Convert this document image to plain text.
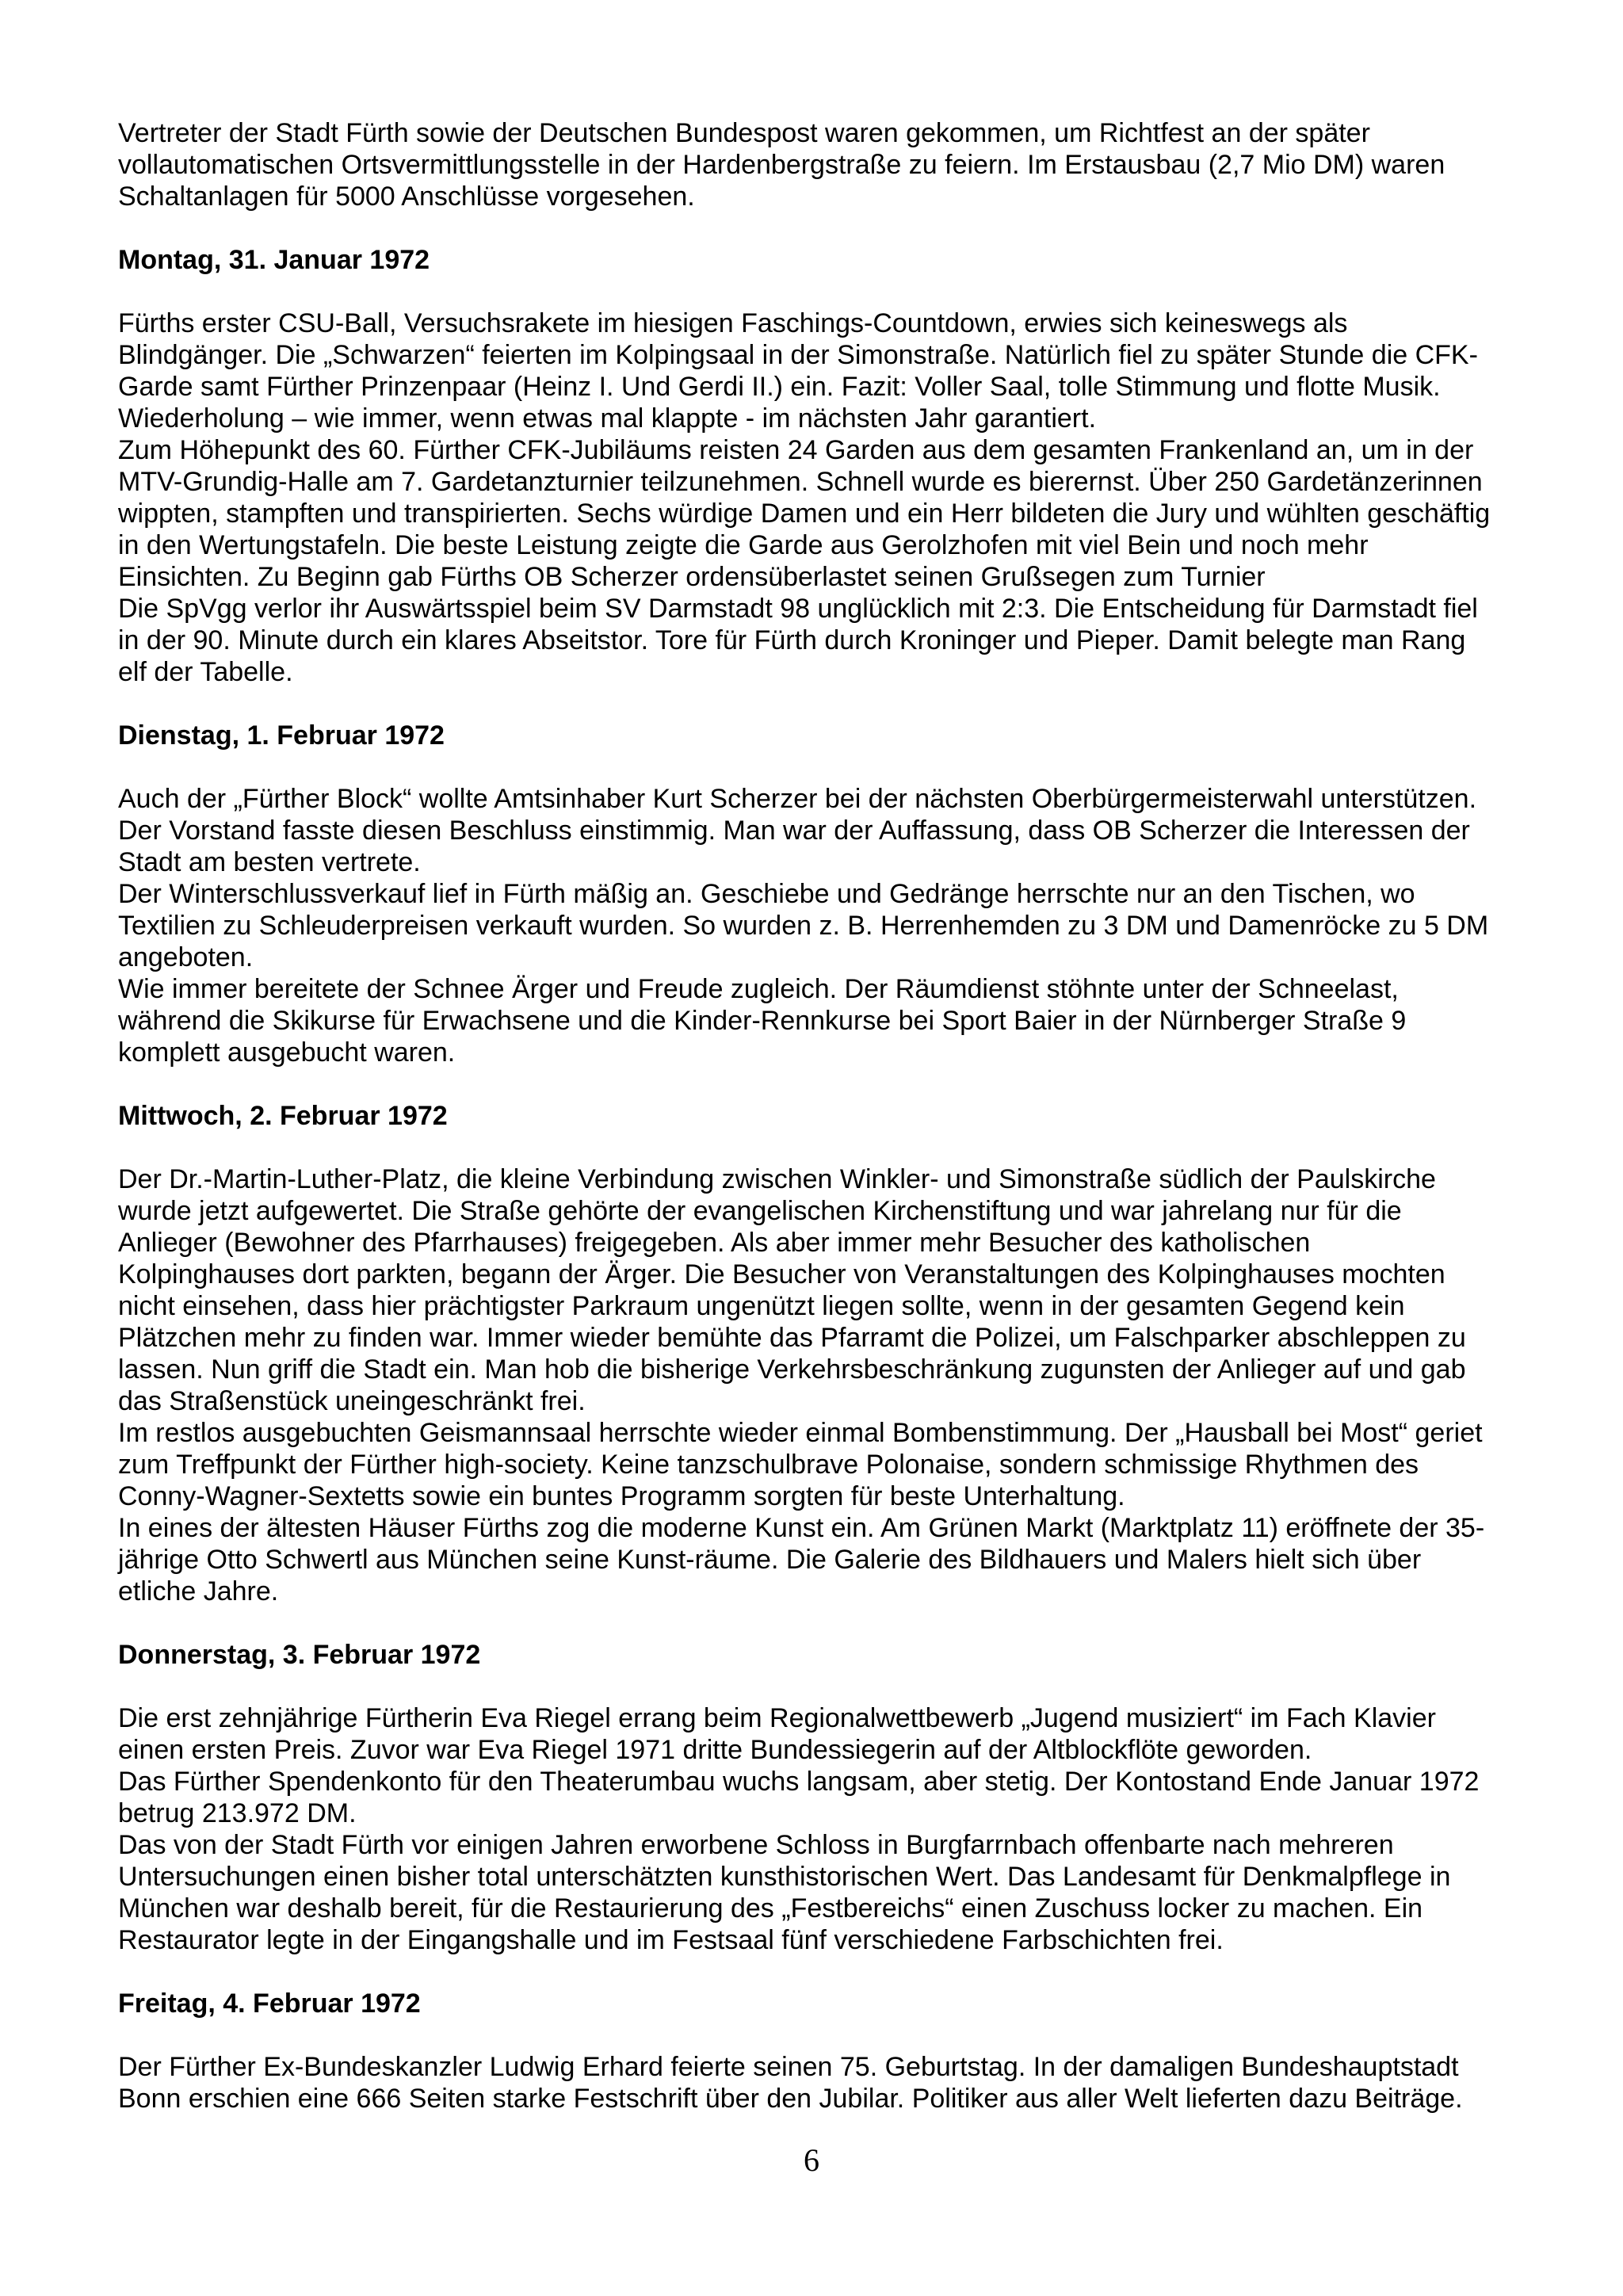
Vertreter der Stadt Fürth sowie der Deutschen Bundespost waren gekommen, um Richtfest an der später
vollautomatischen Ortsvermittlungsstelle in der Hardenbergstraße zu feiern. Im Erstausbau (2,7 Mio DM) waren
Schaltanlagen für 5000 Anschlüsse vorgesehen.
Montag, 31. Januar 1972
Fürths erster CSU-Ball, Versuchsrakete im hiesigen Faschings-Countdown, erwies sich keineswegs als
Blindgänger. Die „Schwarzen“ feierten im Kolpingsaal in der Simonstraße. Natürlich fiel zu später Stunde die CFK-
Garde samt Fürther Prinzenpaar (Heinz I. Und Gerdi II.) ein. Fazit: Voller Saal, tolle Stimmung und flotte Musik.
Wiederholung – wie immer, wenn etwas mal klappte - im nächsten Jahr garantiert.
Zum Höhepunkt des 60. Fürther CFK-Jubiläums reisten 24 Garden aus dem gesamten Frankenland an, um in der
MTV-Grundig-Halle am 7. Gardetanzturnier teilzunehmen. Schnell wurde es bierernst. Über 250 Gardetänzerinnen
wippten, stampften und transpirierten. Sechs würdige Damen und ein Herr bildeten die Jury und wühlten geschäftig
in den Wertungstafeln. Die beste Leistung zeigte die Garde aus Gerolzhofen mit viel Bein und noch mehr
Einsichten. Zu Beginn gab Fürths OB Scherzer ordensüberlastet seinen Grußsegen zum Turnier
Die SpVgg verlor ihr Auswärtsspiel beim SV Darmstadt 98 unglücklich mit 2:3. Die Entscheidung für Darmstadt fiel
in der 90. Minute durch ein klares Abseitstor. Tore für Fürth durch Kroninger und Pieper. Damit belegte man Rang
elf der Tabelle.
Dienstag, 1. Februar 1972
Auch der „Fürther Block“ wollte Amtsinhaber Kurt Scherzer bei der nächsten Oberbürgermeisterwahl unterstützen.
Der Vorstand fasste diesen Beschluss einstimmig. Man war der Auffassung, dass OB Scherzer die Interessen der
Stadt am besten vertrete.
Der Winterschlussverkauf lief in Fürth mäßig an. Geschiebe und Gedränge herrschte nur an den Tischen, wo
Textilien zu Schleuderpreisen verkauft wurden. So wurden z. B. Herrenhemden zu 3 DM und Damenröcke zu 5 DM
angeboten.
Wie immer bereitete der Schnee Ärger und Freude zugleich. Der Räumdienst stöhnte unter der Schneelast,
während die Skikurse für Erwachsene und die Kinder-Rennkurse bei Sport Baier in der Nürnberger Straße 9
komplett ausgebucht waren.
Mittwoch, 2. Februar 1972
Der Dr.-Martin-Luther-Platz, die kleine Verbindung zwischen Winkler- und Simonstraße südlich der Paulskirche
wurde jetzt aufgewertet. Die Straße gehörte der evangelischen Kirchenstiftung und war jahrelang nur für die
Anlieger (Bewohner des Pfarrhauses) freigegeben. Als aber immer mehr Besucher des katholischen
Kolpinghauses dort parkten, begann der Ärger. Die Besucher von Veranstaltungen des Kolpinghauses mochten
nicht einsehen, dass hier prächtigster Parkraum ungenützt liegen sollte, wenn in der gesamten Gegend kein
Plätzchen mehr zu finden war. Immer wieder bemühte das Pfarramt die Polizei, um Falschparker abschleppen zu
lassen. Nun griff die Stadt ein. Man hob die bisherige Verkehrsbeschränkung zugunsten der Anlieger auf und gab
das Straßenstück uneingeschränkt frei.
Im restlos ausgebuchten Geismannsaal herrschte wieder einmal Bombenstimmung. Der „Hausball bei Most“ geriet
zum Treffpunkt der Fürther high-society. Keine tanzschulbrave Polonaise, sondern schmissige Rhythmen des
Conny-Wagner-Sextetts sowie ein buntes Programm sorgten für beste Unterhaltung.
In eines der ältesten Häuser Fürths zog die moderne Kunst ein. Am Grünen Markt (Marktplatz 11) eröffnete der 35-
jährige Otto Schwertl aus München seine Kunst-räume. Die Galerie des Bildhauers und Malers hielt sich über
etliche Jahre.
Donnerstag, 3. Februar 1972
Die erst zehnjährige Fürtherin Eva Riegel errang beim Regionalwettbewerb „Jugend musiziert“ im Fach Klavier
einen ersten Preis. Zuvor war Eva Riegel 1971 dritte Bundessiegerin auf der Altblockflöte geworden.
Das Fürther Spendenkonto für den Theaterumbau wuchs langsam, aber stetig. Der Kontostand Ende Januar 1972
betrug 213.972 DM.
Das von der Stadt Fürth vor einigen Jahren erworbene Schloss in Burgfarrnbach offenbarte nach mehreren
Untersuchungen einen bisher total unterschätzten kunsthistorischen Wert. Das Landesamt für Denkmalpflege in
München war deshalb bereit, für die Restaurierung des „Festbereichs“ einen Zuschuss locker zu machen. Ein
Restaurator legte in der Eingangshalle und im Festsaal fünf verschiedene Farbschichten frei.
Freitag, 4. Februar 1972
Der Fürther Ex-Bundeskanzler Ludwig Erhard feierte seinen 75. Geburtstag. In der damaligen Bundeshauptstadt
Bonn erschien eine 666 Seiten starke Festschrift über den Jubilar. Politiker aus aller Welt lieferten dazu Beiträge.
6
